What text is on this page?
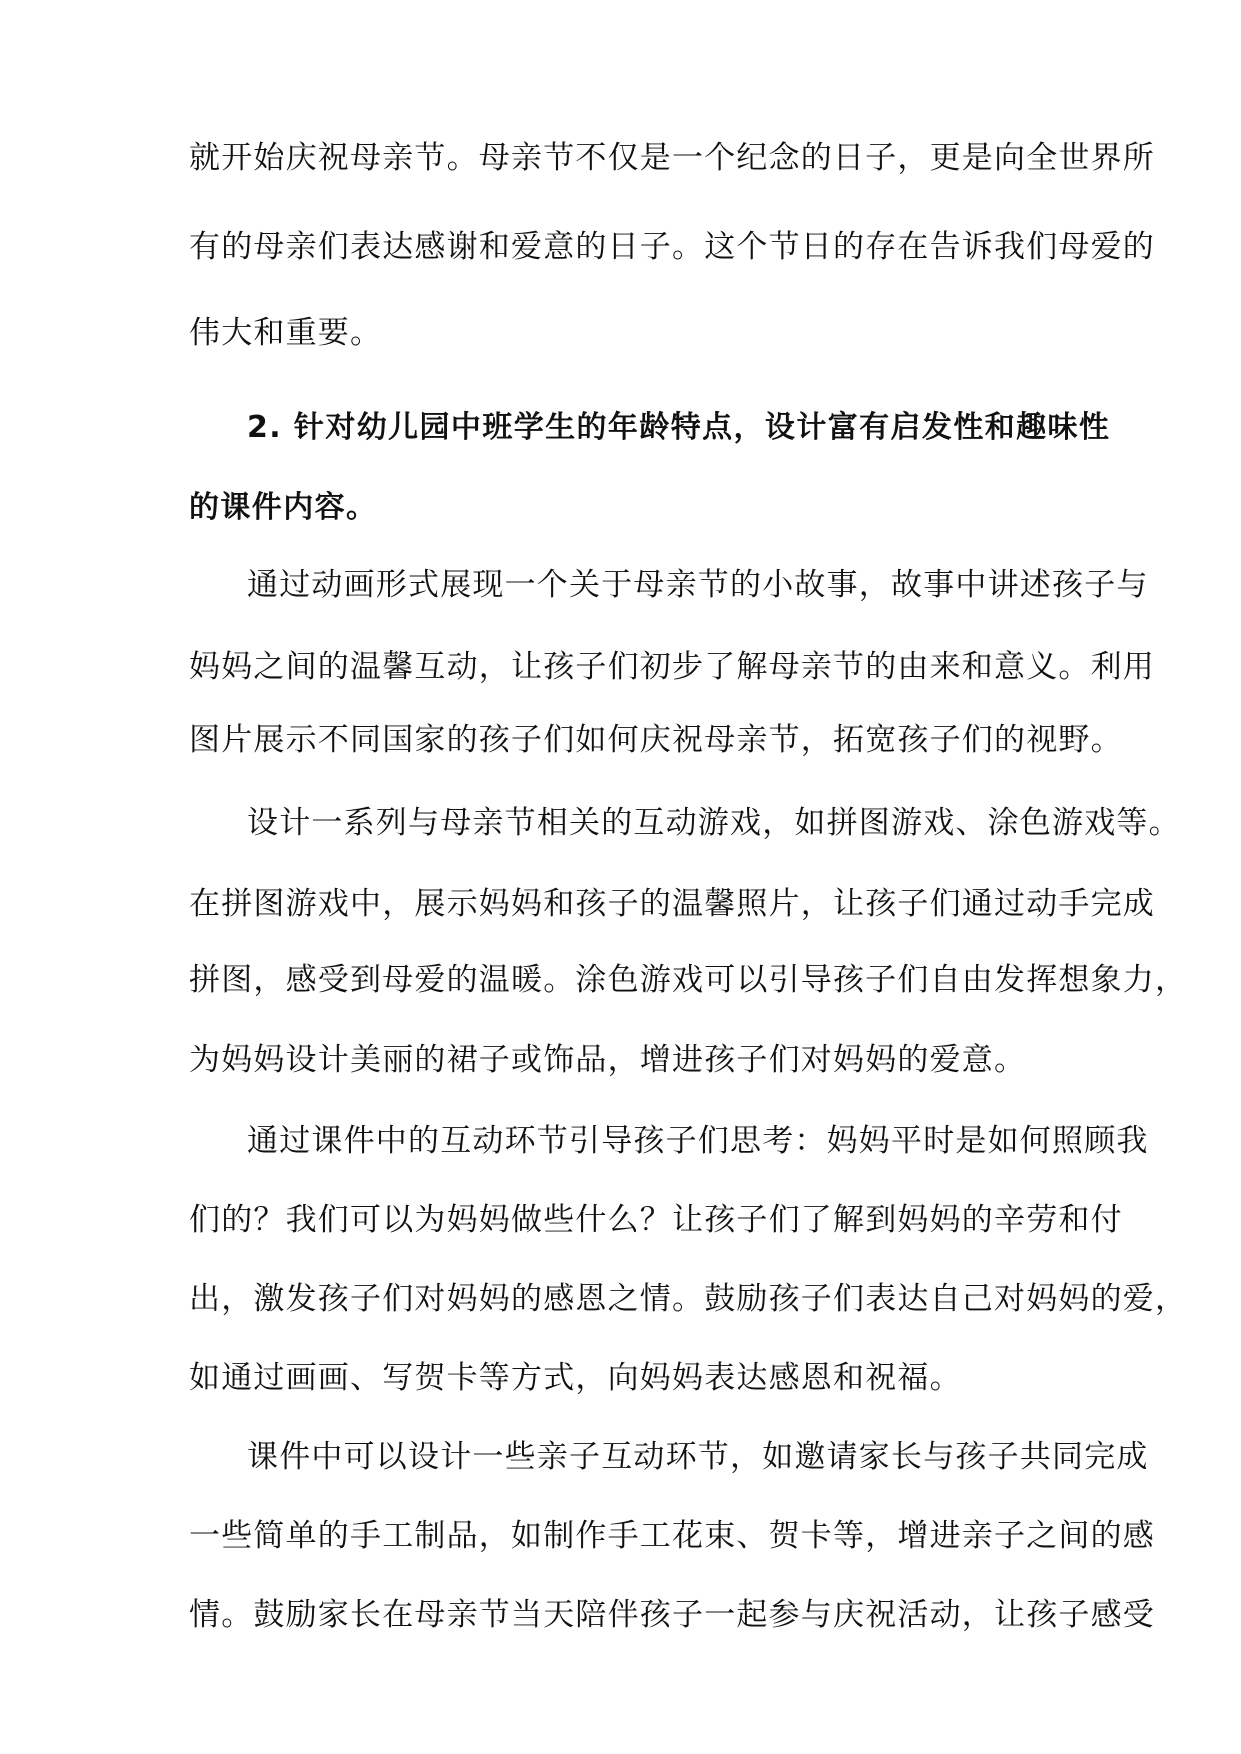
就开始庆祝母亲节。母亲节不仅是一个纪念的日子，更是向全世界所
有的母亲们表达感谢和爱意的日子。这个节日的存在告诉我们母爱的
伟大和重要。
2. 针对幼儿园中班学生的年龄特点，设计富有启发性和趣味性
的课件内容。
通过动画形式展现一个关于母亲节的小故事，故事中讲述孩子与
妈妈之间的温馨互动，让孩子们初步了解母亲节的由来和意义。利用
图片展示不同国家的孩子们如何庆祝母亲节，拓宽孩子们的视野。
设计一系列与母亲节相关的互动游戏，如拼图游戏、涂色游戏等。
在拼图游戏中，展示妈妈和孩子的温馨照片，让孩子们通过动手完成
拼图，感受到母爱的温暖。涂色游戏可以引导孩子们自由发挥想象力，
为妈妈设计美丽的裙子或饰品，增进孩子们对妈妈的爱意。
通过课件中的互动环节引导孩子们思考：妈妈平时是如何照顾我
们的？我们可以为妈妈做些什么？让孩子们了解到妈妈的辛劳和付
出，激发孩子们对妈妈的感恩之情。鼓励孩子们表达自己对妈妈的爱，
如通过画画、写贺卡等方式，向妈妈表达感恩和祝福。
课件中可以设计一些亲子互动环节，如邀请家长与孩子共同完成
一些简单的手工制品，如制作手工花束、贺卡等，增进亲子之间的感
情。鼓励家长在母亲节当天陪伴孩子一起参与庆祝活动，让孩子感受
